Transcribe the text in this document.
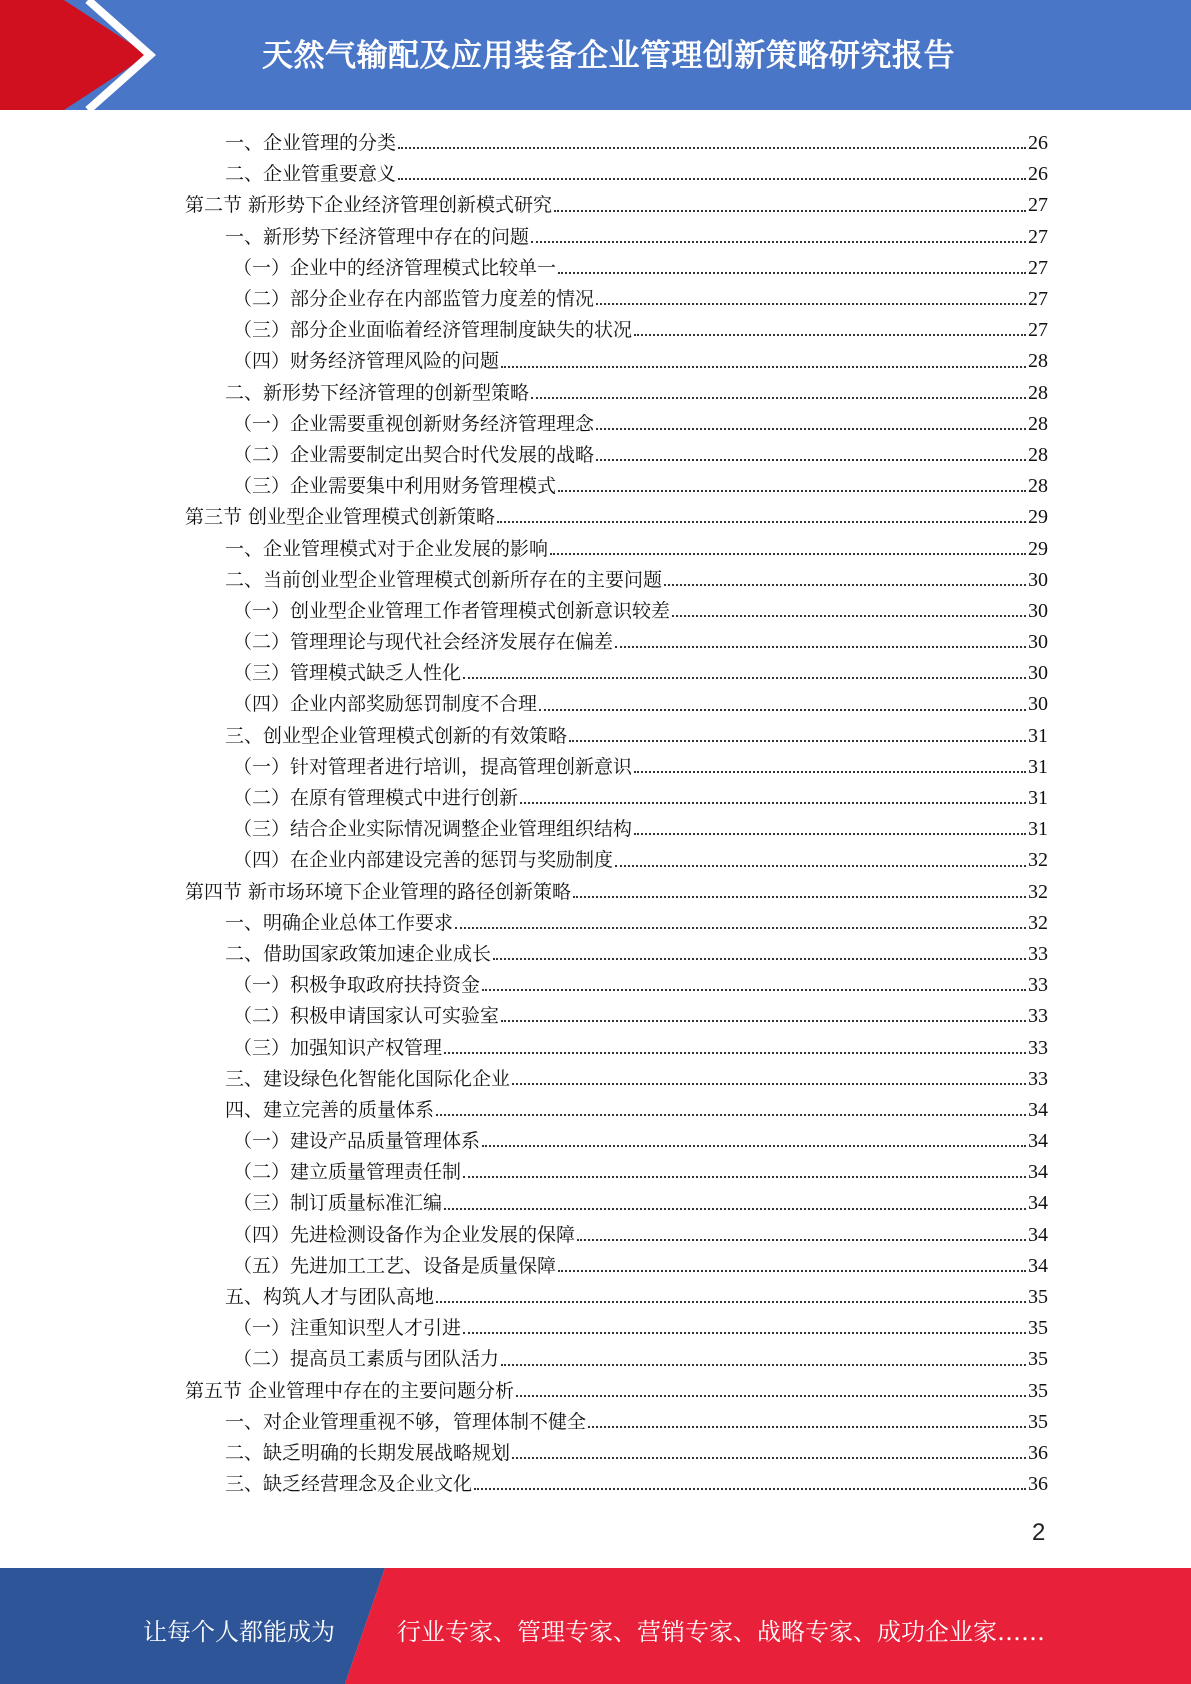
天然气输配及应用装备企业管理创新策略研究报告
一、企业管理的分类	26
二、企业管重要意义	26
第二节 新形势下企业经济管理创新模式研究	27
一、新形势下经济管理中存在的问题	27
（一）企业中的经济管理模式比较单一	27
（二）部分企业存在内部监管力度差的情况	27
（三）部分企业面临着经济管理制度缺失的状况	27
（四）财务经济管理风险的问题	28
二、新形势下经济管理的创新型策略	28
（一）企业需要重视创新财务经济管理理念	28
（二）企业需要制定出契合时代发展的战略	28
（三）企业需要集中利用财务管理模式	28
第三节 创业型企业管理模式创新策略	29
一、企业管理模式对于企业发展的影响	29
二、当前创业型企业管理模式创新所存在的主要问题	30
（一）创业型企业管理工作者管理模式创新意识较差	30
（二）管理理论与现代社会经济发展存在偏差	30
（三）管理模式缺乏人性化	30
（四）企业内部奖励惩罚制度不合理	30
三、创业型企业管理模式创新的有效策略	31
（一）针对管理者进行培训，提高管理创新意识	31
（二）在原有管理模式中进行创新	31
（三）结合企业实际情况调整企业管理组织结构	31
（四）在企业内部建设完善的惩罚与奖励制度	32
第四节 新市场环境下企业管理的路径创新策略	32
一、明确企业总体工作要求	32
二、借助国家政策加速企业成长	33
（一）积极争取政府扶持资金	33
（二）积极申请国家认可实验室	33
（三）加强知识产权管理	33
三、建设绿色化智能化国际化企业	33
四、建立完善的质量体系	34
（一）建设产品质量管理体系	34
（二）建立质量管理责任制	34
（三）制订质量标准汇编	34
（四）先进检测设备作为企业发展的保障	34
（五）先进加工工艺、设备是质量保障	34
五、构筑人才与团队高地	35
（一）注重知识型人才引进	35
（二）提高员工素质与团队活力	35
第五节 企业管理中存在的主要问题分析	35
一、对企业管理重视不够，管理体制不健全	35
二、缺乏明确的长期发展战略规划	36
三、缺乏经营理念及企业文化	36
2
让每个人都能成为	行业专家、管理专家、营销专家、战略专家、成功企业家……
